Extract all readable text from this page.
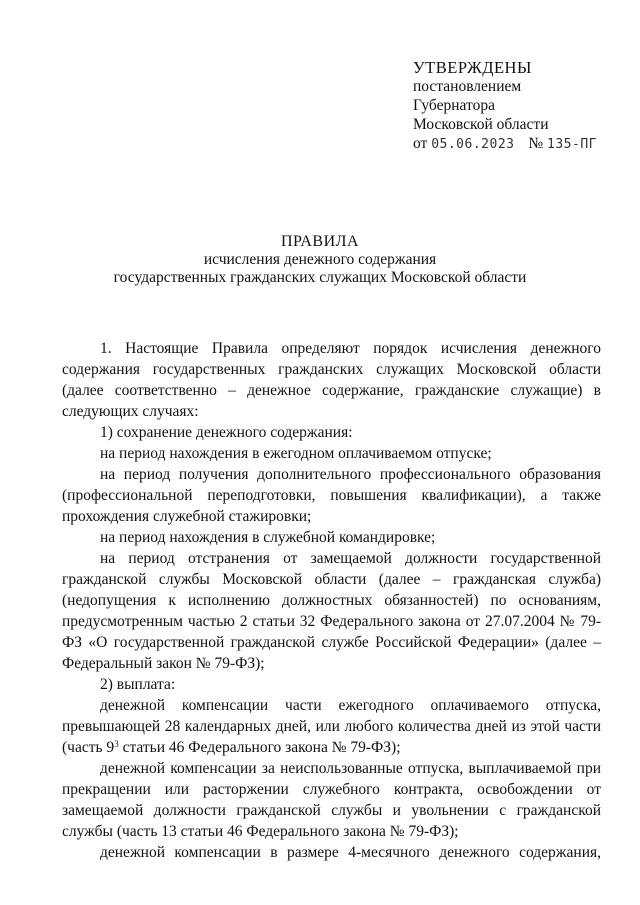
УТВЕРЖДЕНЫ
постановлением
Губернатора
Московской области
от 05.06.2023 № 135-ПГ
ПРАВИЛА
исчисления денежного содержания
государственных гражданских служащих Московской области

1. Настоящие Правила определяют порядок исчисления денежного содержания государственных гражданских служащих Московской области (далее соответственно – денежное содержание, гражданские служащие) в следующих случаях:

1) сохранение денежного содержания:

на период нахождения в ежегодном оплачиваемом отпуске;

на период получения дополнительного профессионального образования (профессиональной переподготовки, повышения квалификации), а также прохождения служебной стажировки;

на период нахождения в служебной командировке;

на период отстранения от замещаемой должности государственной гражданской службы Московской области (далее – гражданская служба) (недопущения к исполнению должностных обязанностей) по основаниям, предусмотренным частью 2 статьи 32 Федерального закона от 27.07.2004 № 79-ФЗ «О государственной гражданской службе Российской Федерации» (далее – Федеральный закон № 79-ФЗ);

2) выплата:

денежной компенсации части ежегодного оплачиваемого отпуска, превышающей 28 календарных дней, или любого количества дней из этой части

(часть $9^3$ статьи 46 Федерального закона № 79-ФЗ);

денежной компенсации за неиспользованные отпуска, выплачиваемой при прекращении или расторжении служебного контракта, освобождении от замещаемой должности гражданской службы и увольнении с гражданской службы (часть 13 статьи 46 Федерального закона № 79-ФЗ);

денежной компенсации в размере 4-месячного денежного содержания,
